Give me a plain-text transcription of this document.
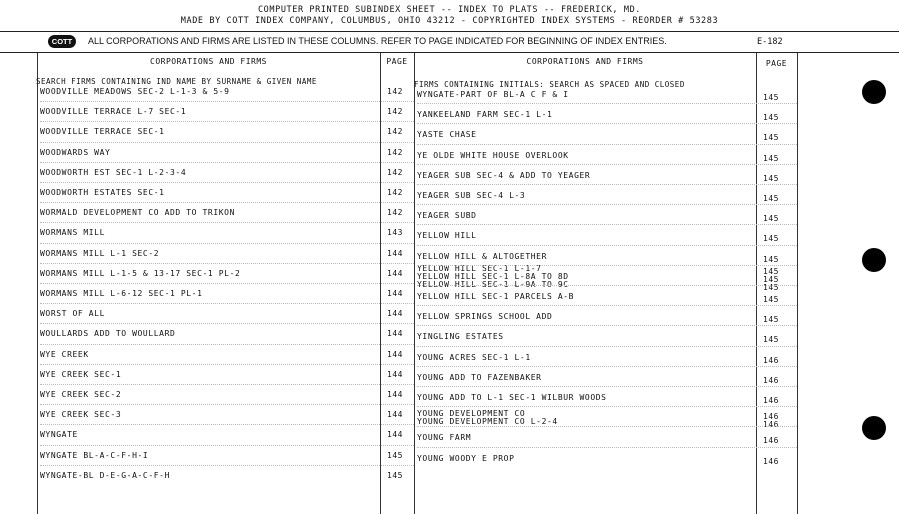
COMPUTER PRINTED SUBINDEX SHEET -- INDEX TO PLATS -- FREDERICK, MD.
MADE BY COTT INDEX COMPANY, COLUMBUS, OHIO 43212 - COPYRIGHTED INDEX SYSTEMS - REORDER # 53283
COTT	ALL CORPORATIONS AND FIRMS ARE LISTED IN THESE COLUMNS. REFER TO PAGE INDICATED FOR BEGINNING OF INDEX ENTRIES.	E-182
CORPORATIONS AND FIRMS	PAGE	CORPORATIONS AND FIRMS	PAGE
SEARCH FIRMS CONTAINING IND NAME BY SURNAME & GIVEN NAME	FIRMS CONTAINING INITIALS: SEARCH AS SPACED AND CLOSED
WOODVILLE MEADOWS SEC-2 L-1-3 & 5-9	142
WOODVILLE TERRACE L-7 SEC-1	142
WOODVILLE TERRACE SEC-1	142
WOODWARDS WAY	142
WOODWORTH EST SEC-1 L-2-3-4	142
WOODWORTH ESTATES SEC-1	142
WORMALD DEVELOPMENT CO ADD TO TRIKON	142
WORMANS MILL	143
WORMANS MILL L-1 SEC-2	144
WORMANS MILL L-1-5 & 13-17 SEC-1 PL-2	144
WORMANS MILL L-6-12 SEC-1 PL-1	144
WORST OF ALL	144
WOULLARDS ADD TO WOULLARD	144
WYE CREEK	144
WYE CREEK SEC-1	144
WYE CREEK SEC-2	144
WYE CREEK SEC-3	144
WYNGATE	144
WYNGATE BL-A-C-F-H-I	145
WYNGATE-BL D-E-G-A-C-F-H	145
WYNGATE-PART OF BL-A C F & I	145
YANKEELAND FARM SEC-1 L-1	145
YASTE CHASE	145
YE OLDE WHITE HOUSE OVERLOOK	145
YEAGER SUB SEC-4 & ADD TO YEAGER	145
YEAGER SUB SEC-4 L-3	145
YEAGER SUBD	145
YELLOW HILL	145
YELLOW HILL & ALTOGETHER	145
YELLOW HILL SEC-1 L-1-7	145
YELLOW HILL SEC-1 L-8A TO 8D	145
YELLOW HILL SEC-1 L-9A TO 9C	145
YELLOW HILL SEC-1 PARCELS A-B	145
YELLOW SPRINGS SCHOOL ADD	145
YINGLING ESTATES	145
YOUNG ACRES SEC-1 L-1	146
YOUNG ADD TO FAZENBAKER	146
YOUNG ADD TO L-1 SEC-1 WILBUR WOODS	146
YOUNG DEVELOPMENT CO	146
YOUNG DEVELOPMENT CO L-2-4	146
YOUNG FARM	146
YOUNG WOODY E PROP	146
